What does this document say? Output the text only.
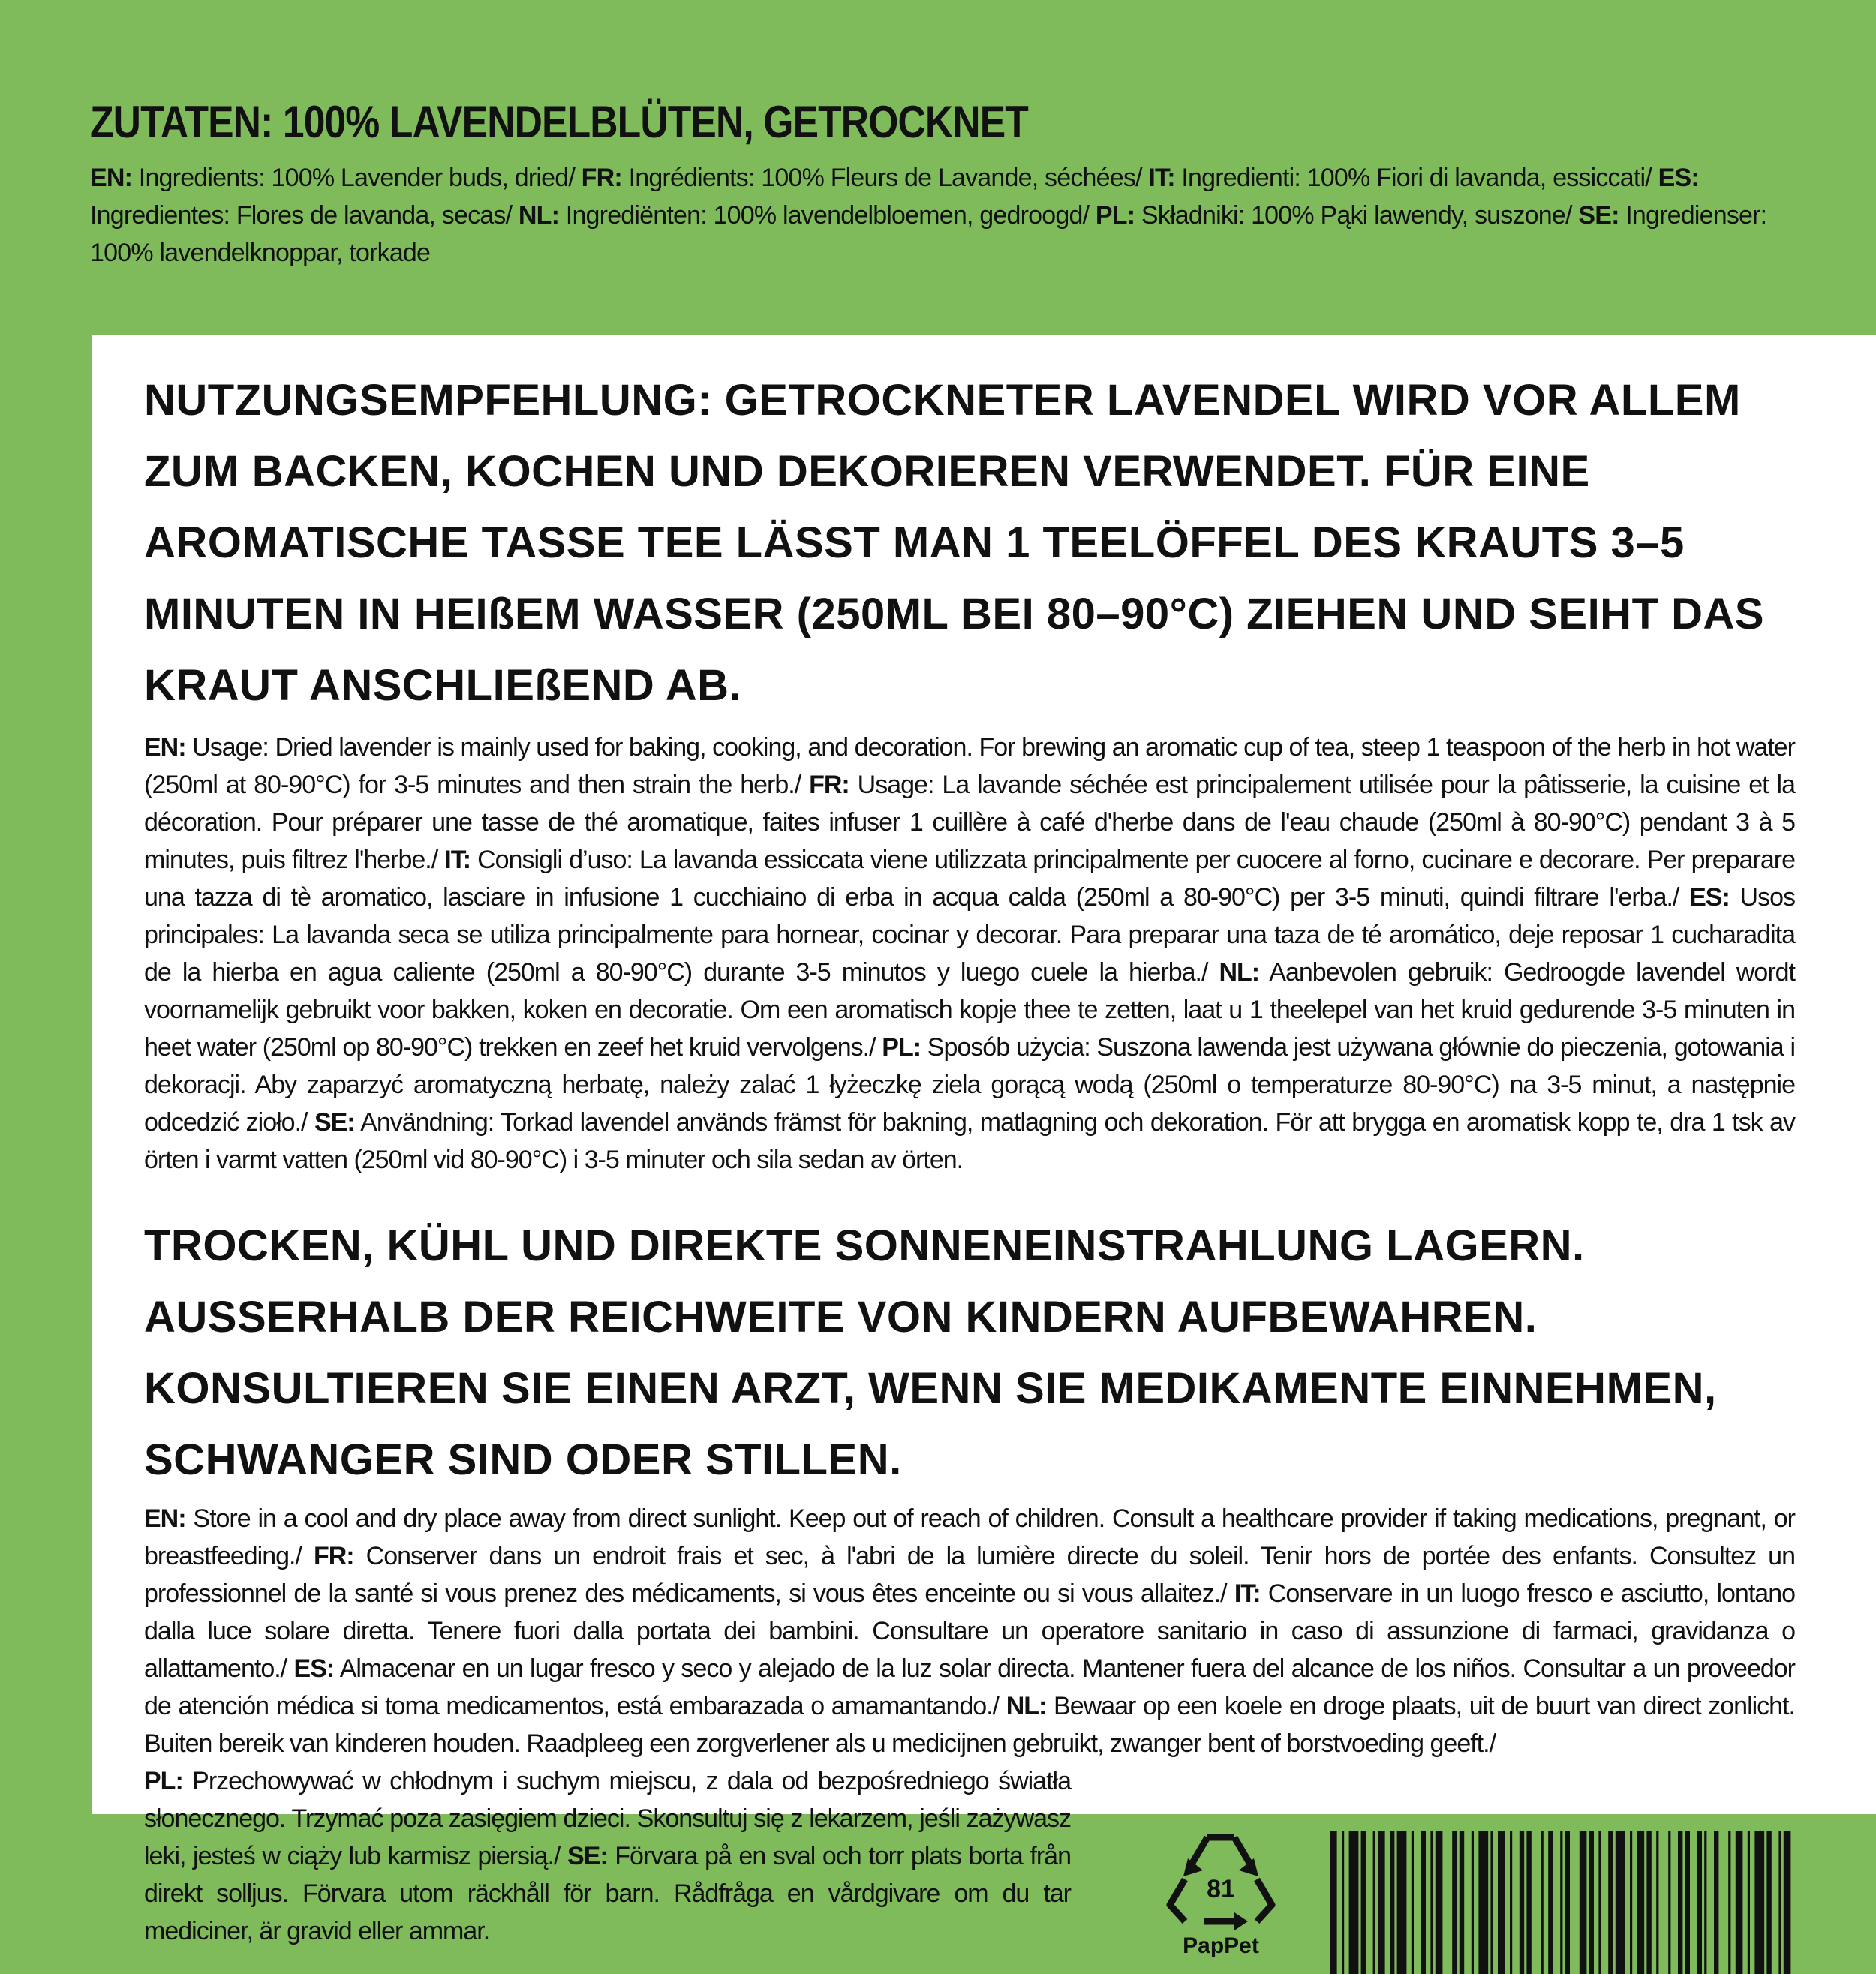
ZUTATEN: 100% LAVENDELBLÜTEN, GETROCKNET

EN: Ingredients: 100% Lavender buds, dried/ FR: Ingrédients: 100% Fleurs de Lavande, séchées/ IT: Ingredienti: 100% Fiori di lavanda, essiccati/ ES: Ingredientes: Flores de lavanda, secas/ NL: Ingrediënten: 100% lavendelbloemen, gedroogd/ PL: Składniki: 100% Pąki lawendy, suszone/ SE: Ingredienser: 100% lavendelknoppar, torkade

NUTZUNGSEMPFEHLUNG: GETROCKNETER LAVENDEL WIRD VOR ALLEM ZUM BACKEN, KOCHEN UND DEKORIEREN VERWENDET. FÜR EINE AROMATISCHE TASSE TEE LÄSST MAN 1 TEELÖFFEL DES KRAUTS 3–5 MINUTEN IN HEIßEM WASSER (250ML BEI 80–90°C) ZIEHEN UND SEIHT DAS KRAUT ANSCHLIEßEND AB.

EN: Usage: Dried lavender is mainly used for baking, cooking, and decoration. For brewing an aromatic cup of tea, steep 1 teaspoon of the herb in hot water (250ml at 80-90°C) for 3-5 minutes and then strain the herb./ FR: Usage: La lavande séchée est principalement utilisée pour la pâtisserie, la cuisine et la décoration. Pour préparer une tasse de thé aromatique, faites infuser 1 cuillère à café d'herbe dans de l'eau chaude (250ml à 80-90°C) pendant 3 à 5 minutes, puis filtrez l'herbe./ IT: Consigli d’uso: La lavanda essiccata viene utilizzata principalmente per cuocere al forno, cucinare e decorare. Per preparare una tazza di tè aromatico, lasciare in infusione 1 cucchiaino di erba in acqua calda (250ml a 80-90°C) per 3-5 minuti, quindi filtrare l'erba./ ES: Usos principales: La lavanda seca se utiliza principalmente para hornear, cocinar y decorar. Para preparar una taza de té aromático, deje reposar 1 cucharadita de la hierba en agua caliente (250ml a 80-90°C) durante 3-5 minutos y luego cuele la hierba./ NL: Aanbevolen gebruik: Gedroogde lavendel wordt voornamelijk gebruikt voor bakken, koken en decoratie. Om een aromatisch kopje thee te zetten, laat u 1 theelepel van het kruid gedurende 3-5 minuten in heet water (250ml op 80-90°C) trekken en zeef het kruid vervolgens./ PL: Sposób użycia: Suszona lawenda jest używana głównie do pieczenia, gotowania i dekoracji. Aby zaparzyć aromatyczną herbatę, należy zalać 1 łyżeczkę ziela gorącą wodą (250ml o temperaturze 80-90°C) na 3-5 minut, a następnie odcedzić zioło./ SE: Användning: Torkad lavendel används främst för bakning, matlagning och dekoration. För att brygga en aromatisk kopp te, dra 1 tsk av örten i varmt vatten (250ml vid 80-90°C) i 3-5 minuter och sila sedan av örten.

TROCKEN, KÜHL UND DIREKTE SONNENEINSTRAHLUNG LAGERN. AUSSERHALB DER REICHWEITE VON KINDERN AUFBEWAHREN. KONSULTIEREN SIE EINEN ARZT, WENN SIE MEDIKAMENTE EINNEHMEN, SCHWANGER SIND ODER STILLEN.

EN: Store in a cool and dry place away from direct sunlight. Keep out of reach of children. Consult a healthcare provider if taking medications, pregnant, or breastfeeding./ FR: Conserver dans un endroit frais et sec, à l'abri de la lumière directe du soleil. Tenir hors de portée des enfants. Consultez un professionnel de la santé si vous prenez des médicaments, si vous êtes enceinte ou si vous allaitez./ IT: Conservare in un luogo fresco e asciutto, lontano dalla luce solare diretta. Tenere fuori dalla portata dei bambini. Consultare un operatore sanitario in caso di assunzione di farmaci, gravidanza o allattamento./ ES: Almacenar en un lugar fresco y seco y alejado de la luz solar directa. Mantener fuera del alcance de los niños. Consultar a un proveedor de atención médica si toma medicamentos, está embarazada o amamantando./ NL: Bewaar op een koele en droge plaats, uit de buurt van direct zonlicht. Buiten bereik van kinderen houden. Raadpleeg een zorgverlener als u medicijnen gebruikt, zwanger bent of borstvoeding geeft./

PL: Przechowywać w chłodnym i suchym miejscu, z dala od bezpośredniego światła słonecznego. Trzymać poza zasięgiem dzieci. Skonsultuj się z lekarzem, jeśli zażywasz leki, jesteś w ciąży lub karmisz piersią./ SE: Förvara på en sval och torr plats borta från direkt solljus. Förvara utom räckhåll för barn. Rådfråga en vårdgivare om du tar mediciner, är gravid eller ammar.

81
PapPet
